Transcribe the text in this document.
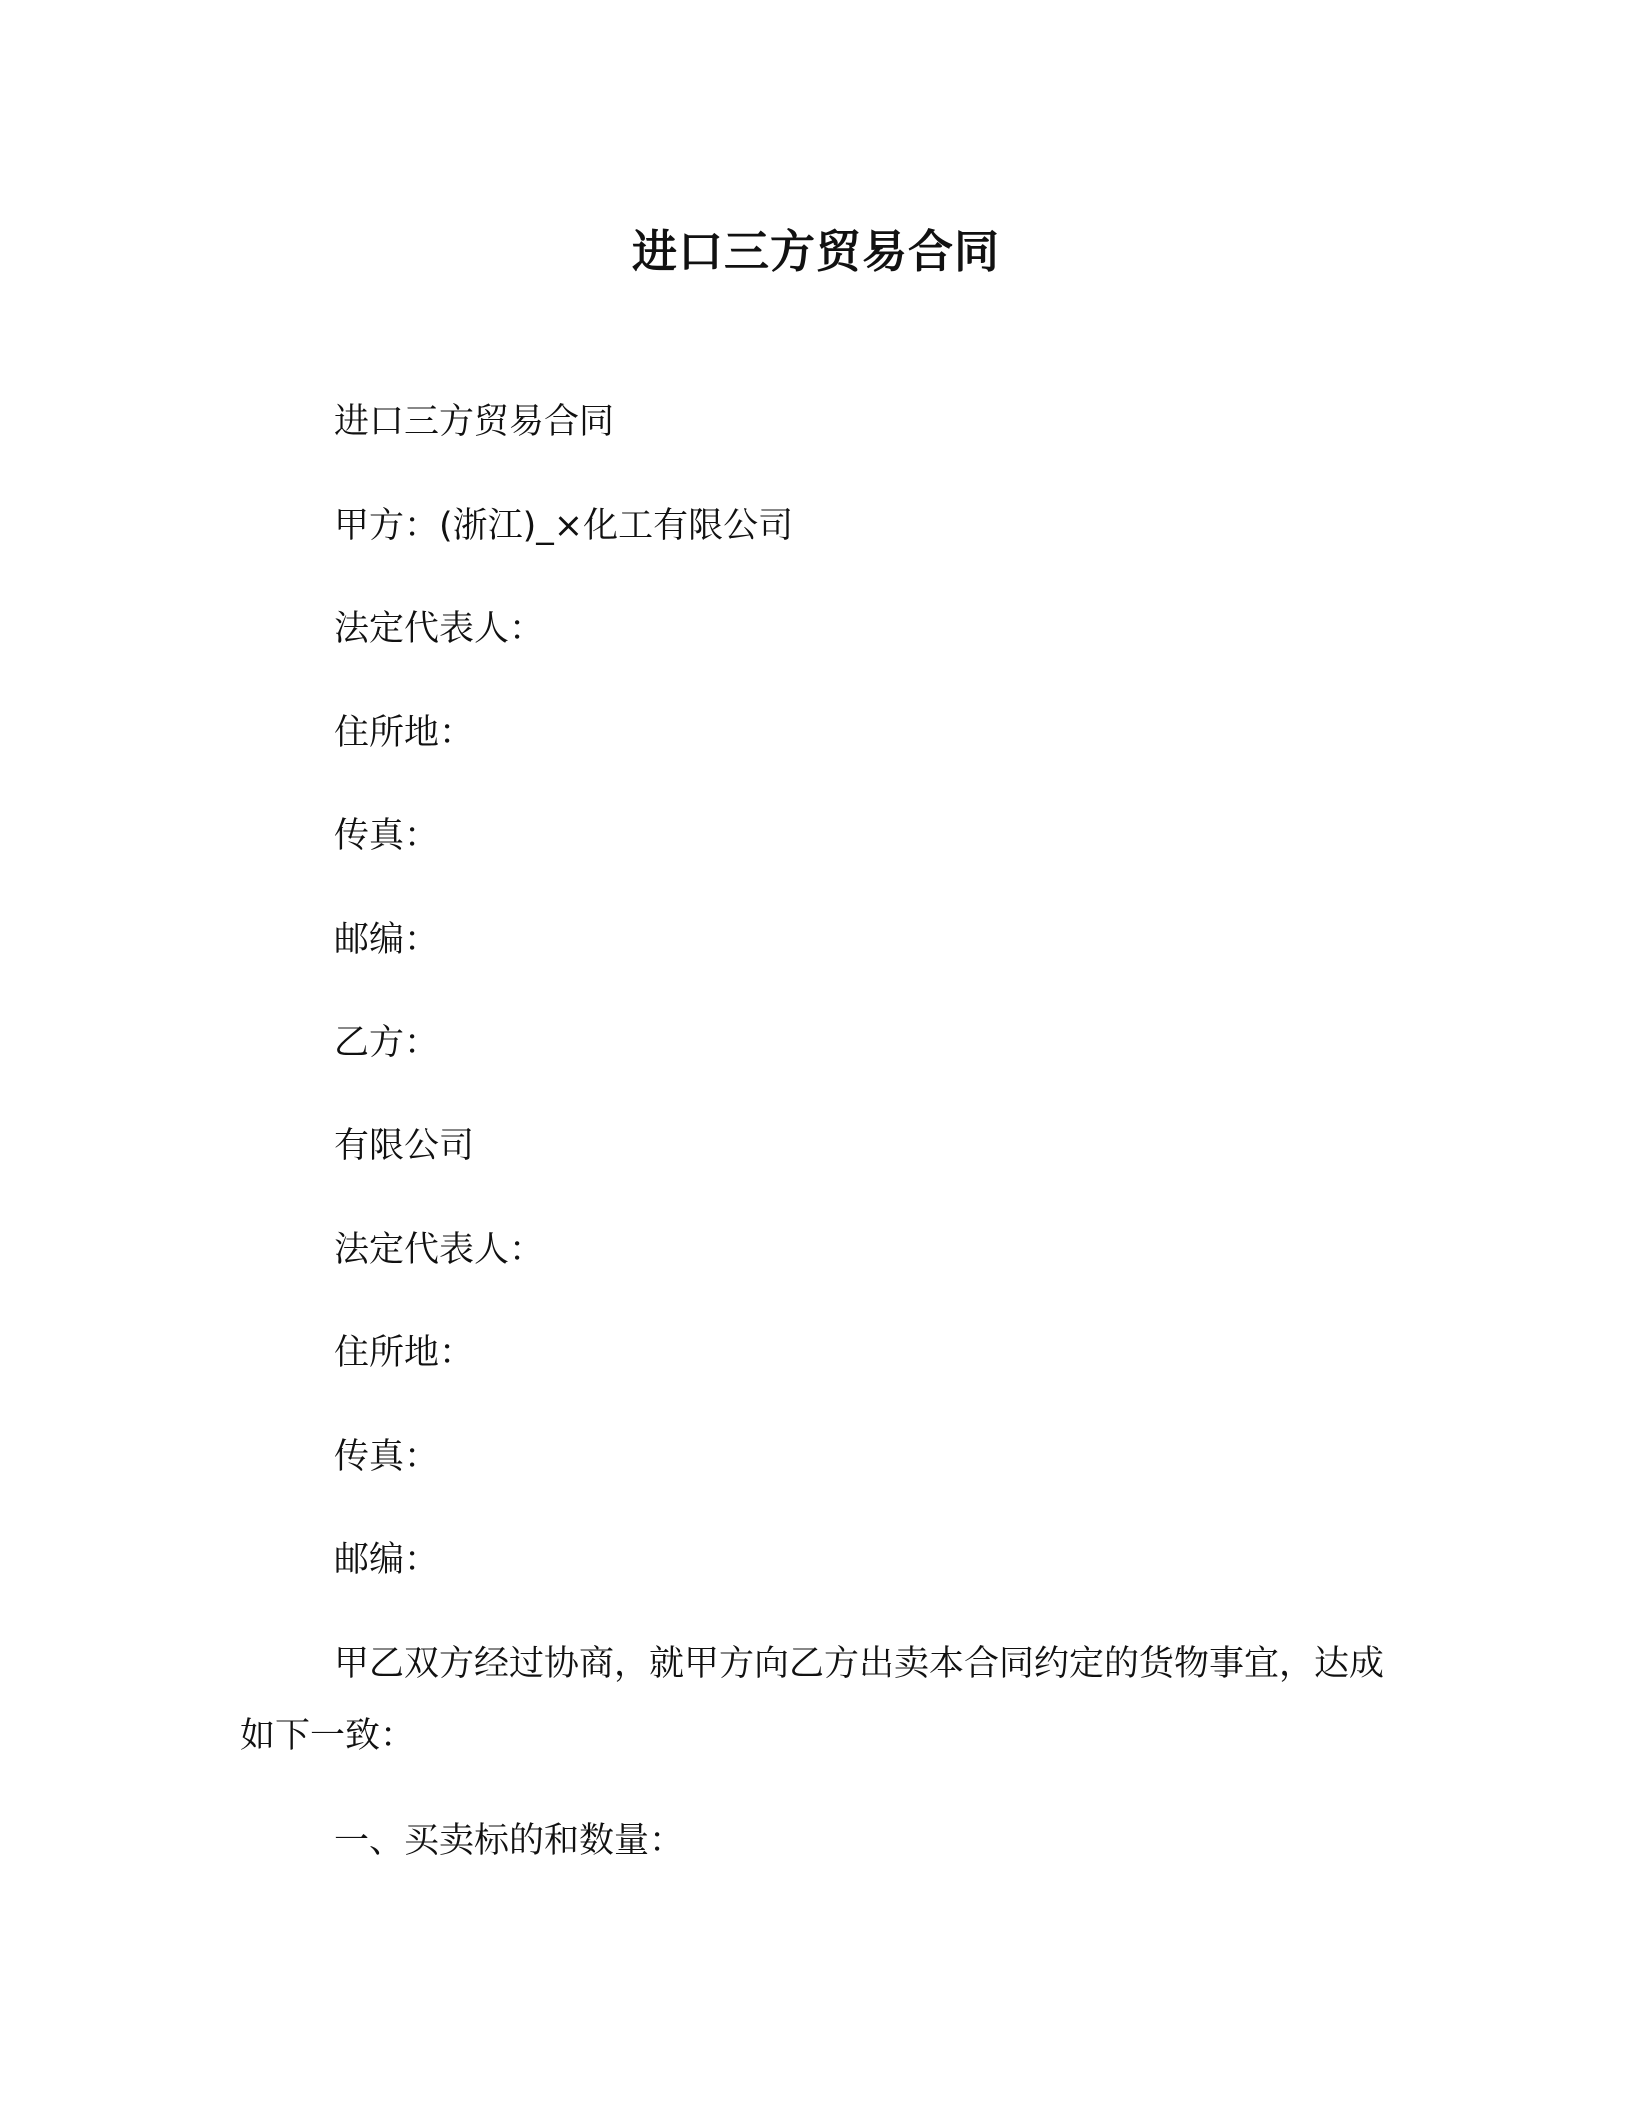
进口三方贸易合同

进口三方贸易合同

甲方：(浙江)_×化工有限公司

法定代表人：

住所地：

传真：

邮编：

乙方：

有限公司

法定代表人：

住所地：

传真：

邮编：

甲乙双方经过协商，就甲方向乙方出卖本合同约定的货物事宜，达成如下一致：

一、买卖标的和数量：
